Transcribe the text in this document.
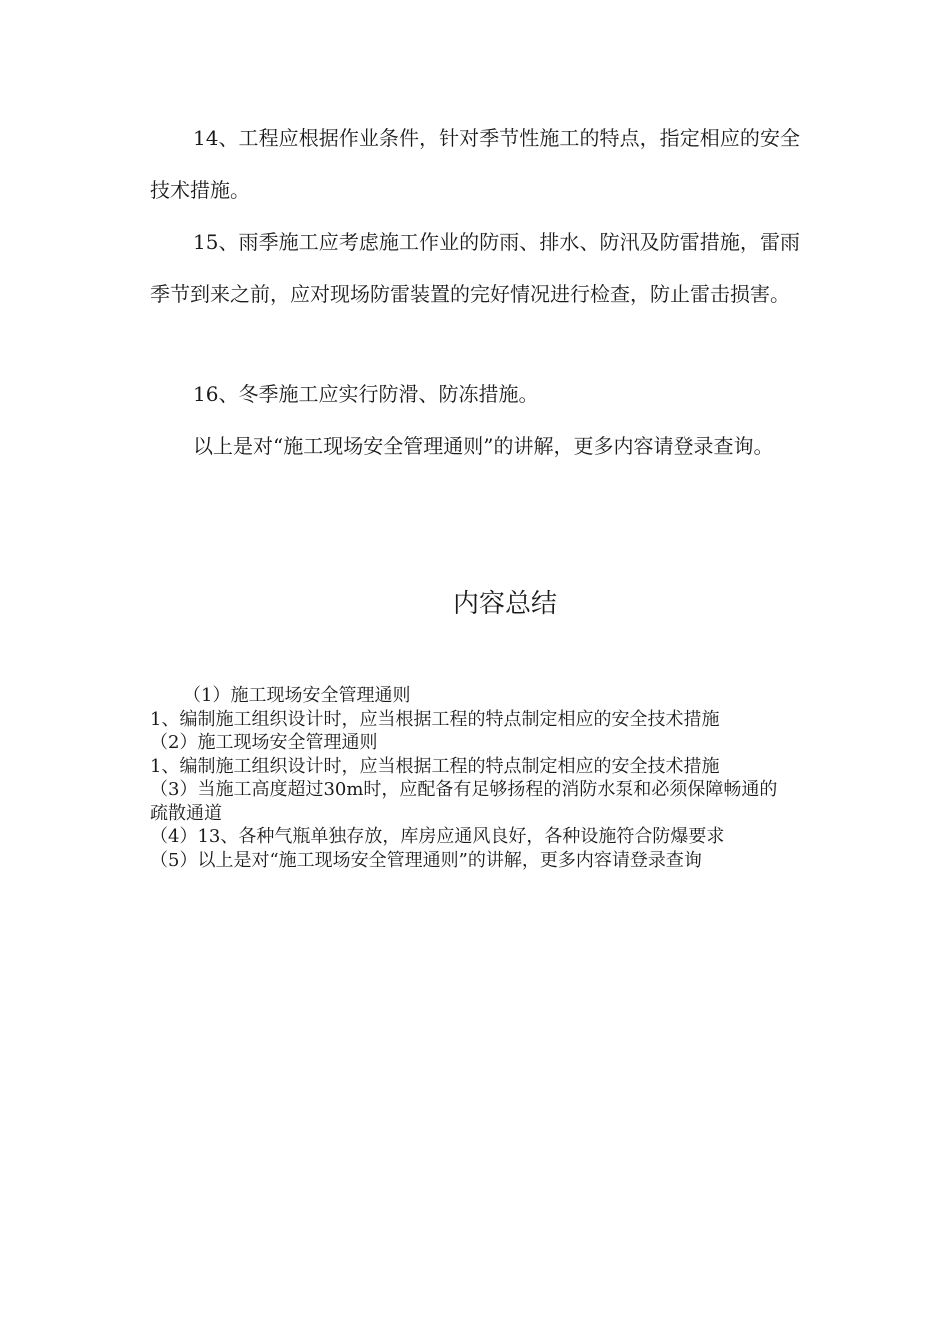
14、工程应根据作业条件，针对季节性施工的特点，指定相应的安全技术措施。

15、雨季施工应考虑施工作业的防雨、排水、防汛及防雷措施，雷雨季节到来之前，应对现场防雷装置的完好情况进行检查，防止雷击损害。

16、冬季施工应实行防滑、防冻措施。

以上是对“施工现场安全管理通则”的讲解，更多内容请登录查询。

内容总结
（1）施工现场安全管理通则
1、编制施工组织设计时，应当根据工程的特点制定相应的安全技术措施
（2）施工现场安全管理通则
1、编制施工组织设计时，应当根据工程的特点制定相应的安全技术措施
（3）当施工高度超过30m时，应配备有足够扬程的消防水泵和必须保障畅通的疏散通道
（4）13、各种气瓶单独存放，库房应通风良好，各种设施符合防爆要求
（5）以上是对“施工现场安全管理通则”的讲解，更多内容请登录查询
